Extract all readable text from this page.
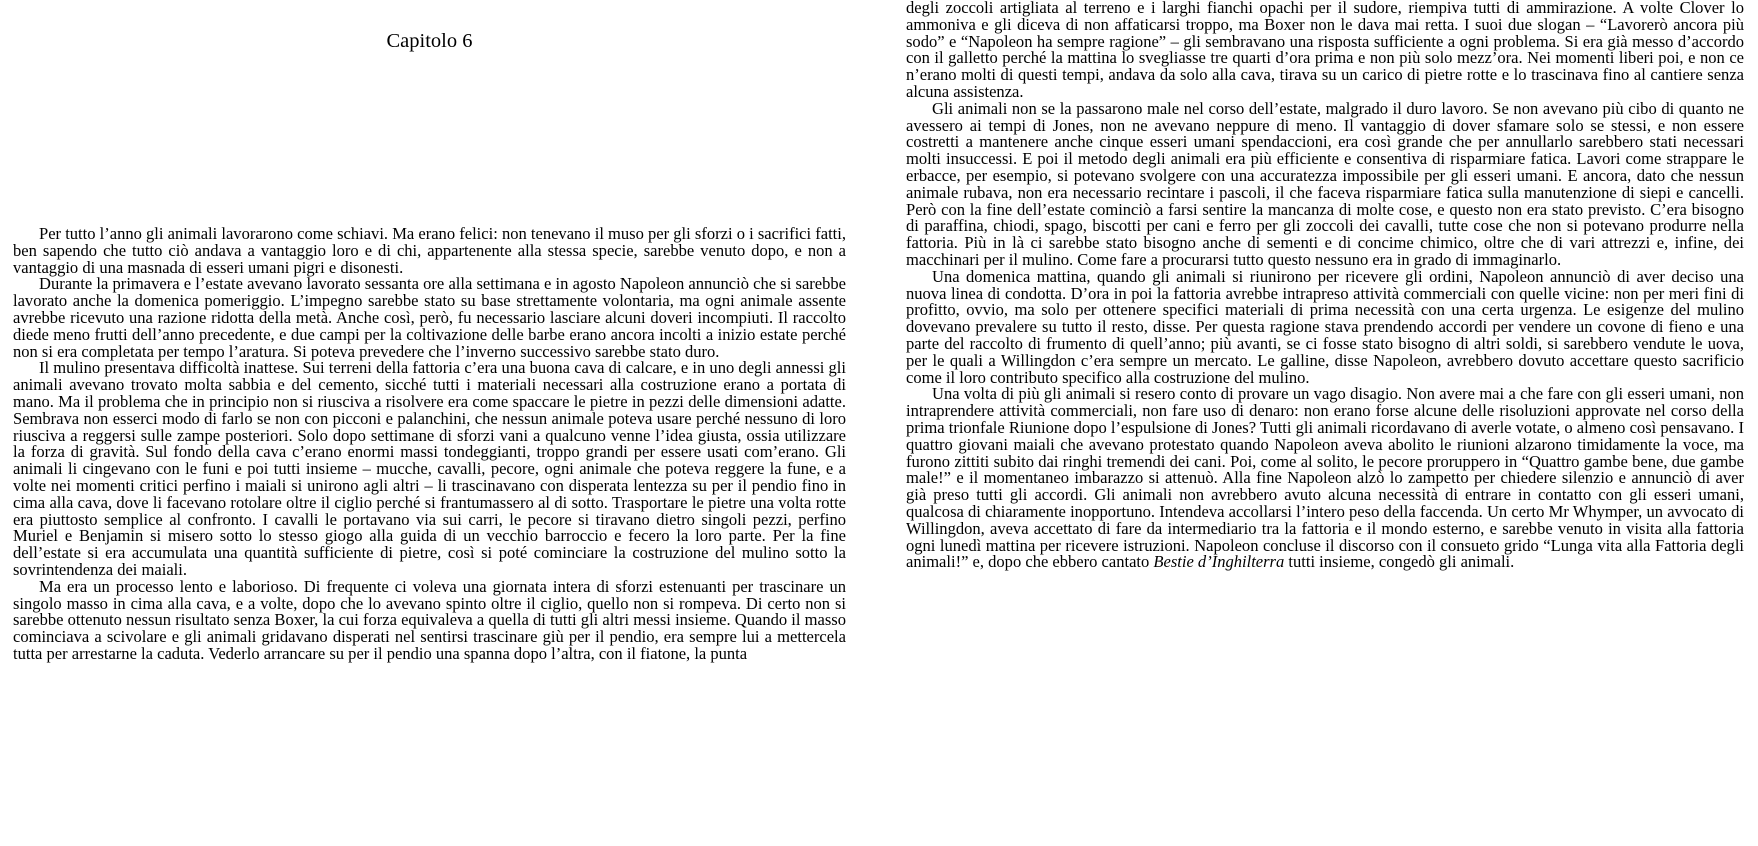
Capitolo 6

Per tutto l’anno gli animali lavorarono come schiavi. Ma erano felici: non tenevano il muso per gli sforzi o i sacrifici fatti, ben sapendo che tutto ciò andava a vantaggio loro e di chi, appartenente alla stessa specie, sarebbe venuto dopo, e non a vantaggio di una masnada di esseri umani pigri e disonesti.

Durante la primavera e l’estate avevano lavorato sessanta ore alla settimana e in agosto Napoleon annunciò che si sarebbe lavorato anche la domenica pomeriggio. L’impegno sarebbe stato su base strettamente volontaria, ma ogni animale assente avrebbe ricevuto una razione ridotta della metà. Anche così, però, fu necessario lasciare alcuni doveri incompiuti. Il raccolto diede meno frutti dell’anno precedente, e due campi per la coltivazione delle barbe erano ancora incolti a inizio estate perché non si era completata per tempo l’aratura. Si poteva prevedere che l’inverno successivo sarebbe stato duro.

Il mulino presentava difficoltà inattese. Sui terreni della fattoria c’era una buona cava di calcare, e in uno degli annessi gli animali avevano trovato molta sabbia e del cemento, sicché tutti i materiali necessari alla costruzione erano a portata di mano. Ma il problema che in principio non si riusciva a risolvere era come spaccare le pietre in pezzi delle dimensioni adatte. Sembrava non esserci modo di farlo se non con picconi e palanchini, che nessun animale poteva usare perché nessuno di loro riusciva a reggersi sulle zampe posteriori. Solo dopo settimane di sforzi vani a qualcuno venne l’idea giusta, ossia utilizzare la forza di gravità. Sul fondo della cava c’erano enormi massi tondeggianti, troppo grandi per essere usati com’erano. Gli animali li cingevano con le funi e poi tutti insieme – mucche, cavalli, pecore, ogni animale che poteva reggere la fune, e a volte nei momenti critici perfino i maiali si unirono agli altri – li trascinavano con disperata lentezza su per il pendio fino in cima alla cava, dove li facevano rotolare oltre il ciglio perché si frantumassero al di sotto. Trasportare le pietre una volta rotte era piuttosto semplice al confronto. I cavalli le portavano via sui carri, le pecore si tiravano dietro singoli pezzi, perfino Muriel e Benjamin si misero sotto lo stesso giogo alla guida di un vecchio barroccio e fecero la loro parte. Per la fine dell’estate si era accumulata una quantità sufficiente di pietre, così si poté cominciare la costruzione del mulino sotto la sovrintendenza dei maiali.

Ma era un processo lento e laborioso. Di frequente ci voleva una giornata intera di sforzi estenuanti per trascinare un singolo masso in cima alla cava, e a volte, dopo che lo avevano spinto oltre il ciglio, quello non si rompeva. Di certo non si sarebbe ottenuto nessun risultato senza Boxer, la cui forza equivaleva a quella di tutti gli altri messi insieme. Quando il masso cominciava a scivolare e gli animali gridavano disperati nel sentirsi trascinare giù per il pendio, era sempre lui a mettercela tutta per arrestarne la caduta. Vederlo arrancare su per il pendio una spanna dopo l’altra, con il fiatone, la punta

degli zoccoli artigliata al terreno e i larghi fianchi opachi per il sudore, riempiva tutti di ammirazione. A volte Clover lo ammoniva e gli diceva di non affaticarsi troppo, ma Boxer non le dava mai retta. I suoi due slogan – “Lavorerò ancora più sodo” e “Napoleon ha sempre ragione” – gli sembravano una risposta sufficiente a ogni problema. Si era già messo d’accordo con il galletto perché la mattina lo svegliasse tre quarti d’ora prima e non più solo mezz’ora. Nei momenti liberi poi, e non ce n’erano molti di questi tempi, andava da solo alla cava, tirava su un carico di pietre rotte e lo trascinava fino al cantiere senza alcuna assistenza.

Gli animali non se la passarono male nel corso dell’estate, malgrado il duro lavoro. Se non avevano più cibo di quanto ne avessero ai tempi di Jones, non ne avevano neppure di meno. Il vantaggio di dover sfamare solo se stessi, e non essere costretti a mantenere anche cinque esseri umani spendaccioni, era così grande che per annullarlo sarebbero stati necessari molti insuccessi. E poi il metodo degli animali era più efficiente e consentiva di risparmiare fatica. Lavori come strappare le erbacce, per esempio, si potevano svolgere con una accuratezza impossibile per gli esseri umani. E ancora, dato che nessun animale rubava, non era necessario recintare i pascoli, il che faceva risparmiare fatica sulla manutenzione di siepi e cancelli. Però con la fine dell’estate cominciò a farsi sentire la mancanza di molte cose, e questo non era stato previsto. C’era bisogno di paraffina, chiodi, spago, biscotti per cani e ferro per gli zoccoli dei cavalli, tutte cose che non si potevano produrre nella fattoria. Più in là ci sarebbe stato bisogno anche di sementi e di concime chimico, oltre che di vari attrezzi e, infine, dei macchinari per il mulino. Come fare a procurarsi tutto questo nessuno era in grado di immaginarlo.

Una domenica mattina, quando gli animali si riunirono per ricevere gli ordini, Napoleon annunciò di aver deciso una nuova linea di condotta. D’ora in poi la fattoria avrebbe intrapreso attività commerciali con quelle vicine: non per meri fini di profitto, ovvio, ma solo per ottenere specifici materiali di prima necessità con una certa urgenza. Le esigenze del mulino dovevano prevalere su tutto il resto, disse. Per questa ragione stava prendendo accordi per vendere un covone di fieno e una parte del raccolto di frumento di quell’anno; più avanti, se ci fosse stato bisogno di altri soldi, si sarebbero vendute le uova, per le quali a Willingdon c’era sempre un mercato. Le galline, disse Napoleon, avrebbero dovuto accettare questo sacrificio come il loro contributo specifico alla costruzione del mulino.

Una volta di più gli animali si resero conto di provare un vago disagio. Non avere mai a che fare con gli esseri umani, non intraprendere attività commerciali, non fare uso di denaro: non erano forse alcune delle risoluzioni approvate nel corso della prima trionfale Riunione dopo l’espulsione di Jones? Tutti gli animali ricordavano di averle votate, o almeno così pensavano. I quattro giovani maiali che avevano protestato quando Napoleon aveva abolito le riunioni alzarono timidamente la voce, ma furono zittiti subito dai ringhi tremendi dei cani. Poi, come al solito, le pecore proruppero in “Quattro gambe bene, due gambe male!” e il momentaneo imbarazzo si attenuò. Alla fine Napoleon alzò lo zampetto per chiedere silenzio e annunciò di aver già preso tutti gli accordi. Gli animali non avrebbero avuto alcuna necessità di entrare in contatto con gli esseri umani, qualcosa di chiaramente inopportuno. Intendeva accollarsi l’intero peso della faccenda. Un certo Mr Whymper, un avvocato di Willingdon, aveva accettato di fare da intermediario tra la fattoria e il mondo esterno, e sarebbe venuto in visita alla fattoria ogni lunedì mattina per ricevere istruzioni. Napoleon concluse il discorso con il consueto grido “Lunga vita alla Fattoria degli animali!” e, dopo che ebbero cantato Bestie d’Inghilterra tutti insieme, congedò gli animali.
